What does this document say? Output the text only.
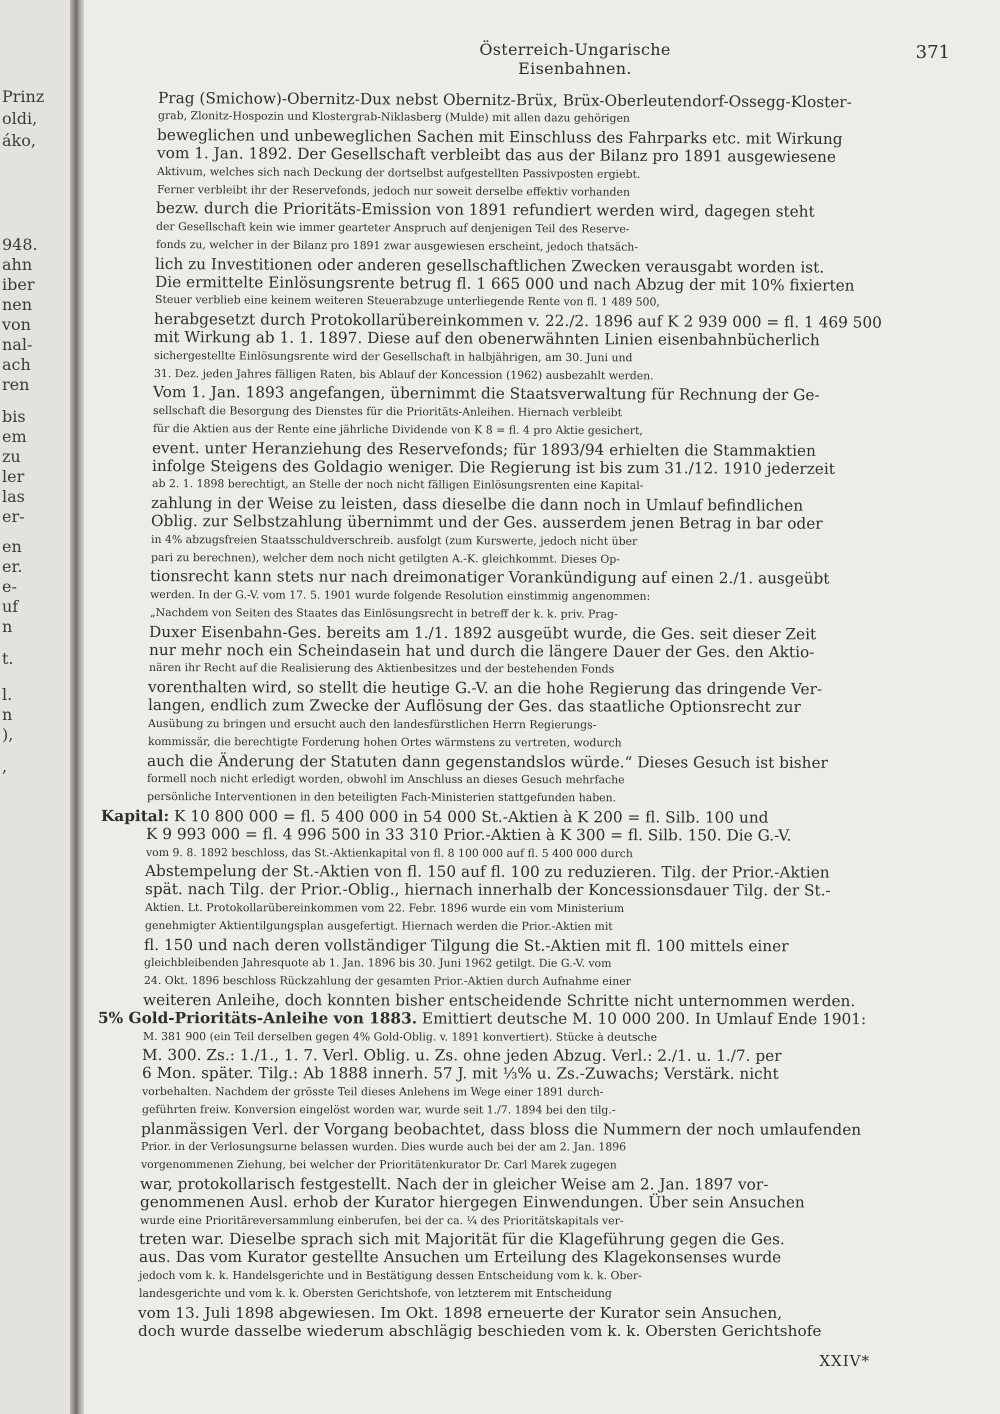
Prinz
oldi,
áko,
948.
ahn
iber
nen
von
nal-
ach
ren
bis
em
zu
ler
las
er-
en
er.
e-
uf
n
t.
l.
n
),
,
Österreich-Ungarische Eisenbahnen.
371
Prag (Smichow)-Obernitz-Dux nebst Obernitz-Brüx, Brüx-Oberleutendorf-Ossegg-Kloster-
grab, Zlonitz-Hospozin und Klostergrab-Niklasberg (Mulde) mit allen dazu gehörigen
beweglichen und unbeweglichen Sachen mit Einschluss des Fahrparks etc. mit Wirkung
vom 1. Jan. 1892. Der Gesellschaft verbleibt das aus der Bilanz pro 1891 ausgewiesene
Aktivum, welches sich nach Deckung der dortselbst aufgestellten Passivposten ergiebt.
Ferner verbleibt ihr der Reservefonds, jedoch nur soweit derselbe effektiv vorhanden
bezw. durch die Prioritäts-Emission von 1891 refundiert werden wird, dagegen steht
der Gesellschaft kein wie immer gearteter Anspruch auf denjenigen Teil des Reserve-
fonds zu, welcher in der Bilanz pro 1891 zwar ausgewiesen erscheint, jedoch thatsäch-
lich zu Investitionen oder anderen gesellschaftlichen Zwecken verausgabt worden ist.
Die ermittelte Einlösungsrente betrug fl. 1 665 000 und nach Abzug der mit 10% fixierten
Steuer verblieb eine keinem weiteren Steuerabzuge unterliegende Rente von fl. 1 489 500,
herabgesetzt durch Protokollarübereinkommen v. 22./2. 1896 auf K 2 939 000 = fl. 1 469 500
mit Wirkung ab 1. 1. 1897. Diese auf den obenerwähnten Linien eisenbahnbücherlich
sichergestellte Einlösungsrente wird der Gesellschaft in halbjährigen, am 30. Juni und
31. Dez. jeden Jahres fälligen Raten, bis Ablauf der Koncession (1962) ausbezahlt werden.
Vom 1. Jan. 1893 angefangen, übernimmt die Staatsverwaltung für Rechnung der Ge-
sellschaft die Besorgung des Dienstes für die Prioritäts-Anleihen. Hiernach verbleibt
für die Aktien aus der Rente eine jährliche Dividende von K 8 = fl. 4 pro Aktie gesichert,
event. unter Heranziehung des Reservefonds; für 1893/94 erhielten die Stammaktien
infolge Steigens des Goldagio weniger. Die Regierung ist bis zum 31./12. 1910 jederzeit
ab 2. 1. 1898 berechtigt, an Stelle der noch nicht fälligen Einlösungsrenten eine Kapital-
zahlung in der Weise zu leisten, dass dieselbe die dann noch in Umlauf befindlichen
Oblig. zur Selbstzahlung übernimmt und der Ges. ausserdem jenen Betrag in bar oder
in 4% abzugsfreien Staatsschuldverschreib. ausfolgt (zum Kurswerte, jedoch nicht über
pari zu berechnen), welcher dem noch nicht getilgten A.-K. gleichkommt. Dieses Op-
tionsrecht kann stets nur nach dreimonatiger Vorankündigung auf einen 2./1. ausgeübt
werden. In der G.-V. vom 17. 5. 1901 wurde folgende Resolution einstimmig angenommen:
„Nachdem von Seiten des Staates das Einlösungsrecht in betreff der k. k. priv. Prag-
Duxer Eisenbahn-Ges. bereits am 1./1. 1892 ausgeübt wurde, die Ges. seit dieser Zeit
nur mehr noch ein Scheindasein hat und durch die längere Dauer der Ges. den Aktio-
nären ihr Recht auf die Realisierung des Aktienbesitzes und der bestehenden Fonds
vorenthalten wird, so stellt die heutige G.-V. an die hohe Regierung das dringende Ver-
langen, endlich zum Zwecke der Auflösung der Ges. das staatliche Optionsrecht zur
Ausübung zu bringen und ersucht auch den landesfürstlichen Herrn Regierungs-
kommissär, die berechtigte Forderung hohen Ortes wärmstens zu vertreten, wodurch
auch die Änderung der Statuten dann gegenstandslos würde.“ Dieses Gesuch ist bisher
formell noch nicht erledigt worden, obwohl im Anschluss an dieses Gesuch mehrfache
persönliche Interventionen in den beteiligten Fach-Ministerien stattgefunden haben.
Kapital: K 10 800 000 = fl. 5 400 000 in 54 000 St.-Aktien à K 200 = fl. Silb. 100 und
K 9 993 000 = fl. 4 996 500 in 33 310 Prior.-Aktien à K 300 = fl. Silb. 150. Die G.-V.
vom 9. 8. 1892 beschloss, das St.-Aktienkapital von fl. 8 100 000 auf fl. 5 400 000 durch
Abstempelung der St.-Aktien von fl. 150 auf fl. 100 zu reduzieren. Tilg. der Prior.-Aktien
spät. nach Tilg. der Prior.-Oblig., hiernach innerhalb der Koncessionsdauer Tilg. der St.-
Aktien. Lt. Protokollarübereinkommen vom 22. Febr. 1896 wurde ein vom Ministerium
genehmigter Aktientilgungsplan ausgefertigt. Hiernach werden die Prior.-Aktien mit
fl. 150 und nach deren vollständiger Tilgung die St.-Aktien mit fl. 100 mittels einer
gleichbleibenden Jahresquote ab 1. Jan. 1896 bis 30. Juni 1962 getilgt. Die G.-V. vom
24. Okt. 1896 beschloss Rückzahlung der gesamten Prior.-Aktien durch Aufnahme einer
weiteren Anleihe, doch konnten bisher entscheidende Schritte nicht unternommen werden.
5% Gold-Prioritäts-Anleihe von 1883. Emittiert deutsche M. 10 000 200. In Umlauf Ende 1901:
M. 381 900 (ein Teil derselben gegen 4% Gold-Oblig. v. 1891 konvertiert). Stücke à deutsche
M. 300. Zs.: 1./1., 1. 7. Verl. Oblig. u. Zs. ohne jeden Abzug. Verl.: 2./1. u. 1./7. per
6 Mon. später. Tilg.: Ab 1888 innerh. 57 J. mit ⅓% u. Zs.-Zuwachs; Verstärk. nicht
vorbehalten. Nachdem der grösste Teil dieses Anlehens im Wege einer 1891 durch-
geführten freiw. Konversion eingelöst worden war, wurde seit 1./7. 1894 bei den tilg.-
planmässigen Verl. der Vorgang beobachtet, dass bloss die Nummern der noch umlaufenden
Prior. in der Verlosungsurne belassen wurden. Dies wurde auch bei der am 2. Jan. 1896
vorgenommenen Ziehung, bei welcher der Prioritätenkurator Dr. Carl Marek zugegen
war, protokollarisch festgestellt. Nach der in gleicher Weise am 2. Jan. 1897 vor-
genommenen Ausl. erhob der Kurator hiergegen Einwendungen. Über sein Ansuchen
wurde eine Prioritäreversammlung einberufen, bei der ca. ¼ des Prioritätskapitals ver-
treten war. Dieselbe sprach sich mit Majorität für die Klageführung gegen die Ges.
aus. Das vom Kurator gestellte Ansuchen um Erteilung des Klagekonsenses wurde
jedoch vom k. k. Handelsgerichte und in Bestätigung dessen Entscheidung vom k. k. Ober-
landesgerichte und vom k. k. Obersten Gerichtshofe, von letzterem mit Entscheidung
vom 13. Juli 1898 abgewiesen. Im Okt. 1898 erneuerte der Kurator sein Ansuchen,
doch wurde dasselbe wiederum abschlägig beschieden vom k. k. Obersten Gerichtshofe
XXIV*
